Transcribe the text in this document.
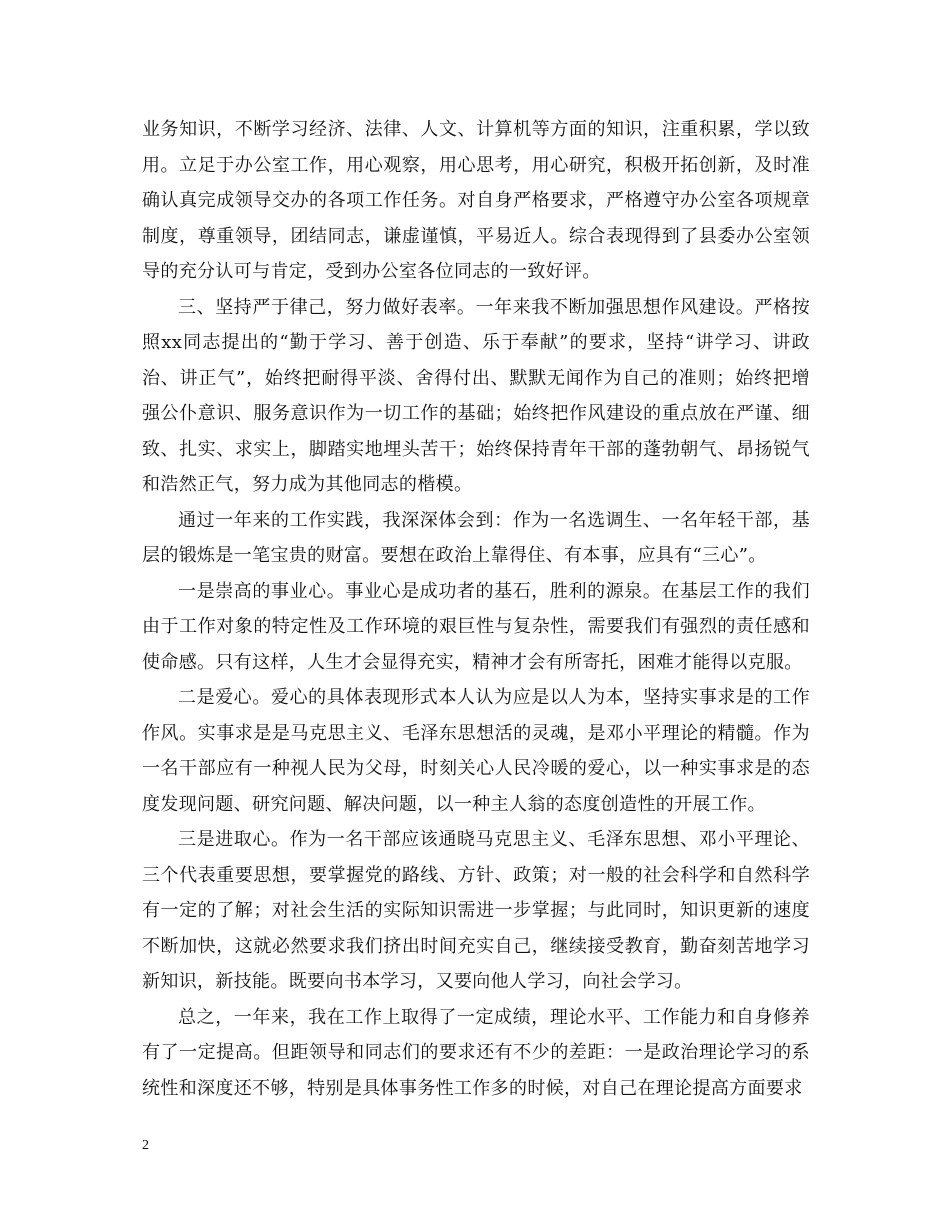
业务知识，不断学习经济、法律、人文、计算机等方面的知识，注重积累，学以致用。立足于办公室工作，用心观察，用心思考，用心研究，积极开拓创新，及时准确认真完成领导交办的各项工作任务。对自身严格要求，严格遵守办公室各项规章制度，尊重领导，团结同志，谦虚谨慎，平易近人。综合表现得到了县委办公室领导的充分认可与肯定，受到办公室各位同志的一致好评。

三、坚持严于律己，努力做好表率。一年来我不断加强思想作风建设。严格按照xx同志提出的“勤于学习、善于创造、乐于奉献”的要求，坚持“讲学习、讲政治、讲正气”，始终把耐得平淡、舍得付出、默默无闻作为自己的准则；始终把增强公仆意识、服务意识作为一切工作的基础；始终把作风建设的重点放在严谨、细致、扎实、求实上，脚踏实地埋头苦干；始终保持青年干部的蓬勃朝气、昂扬锐气和浩然正气，努力成为其他同志的楷模。

通过一年来的工作实践，我深深体会到：作为一名选调生、一名年轻干部，基层的锻炼是一笔宝贵的财富。要想在政治上靠得住、有本事，应具有“三心”。

一是崇高的事业心。事业心是成功者的基石，胜利的源泉。在基层工作的我们由于工作对象的特定性及工作环境的艰巨性与复杂性，需要我们有强烈的责任感和使命感。只有这样，人生才会显得充实，精神才会有所寄托，困难才能得以克服。

二是爱心。爱心的具体表现形式本人认为应是以人为本，坚持实事求是的工作作风。实事求是是马克思主义、毛泽东思想活的灵魂，是邓小平理论的精髓。作为一名干部应有一种视人民为父母，时刻关心人民冷暖的爱心，以一种实事求是的态度发现问题、研究问题、解决问题，以一种主人翁的态度创造性的开展工作。

三是进取心。作为一名干部应该通晓马克思主义、毛泽东思想、邓小平理论、三个代表重要思想，要掌握党的路线、方针、政策；对一般的社会科学和自然科学有一定的了解；对社会生活的实际知识需进一步掌握；与此同时，知识更新的速度不断加快，这就必然要求我们挤出时间充实自己，继续接受教育，勤奋刻苦地学习新知识，新技能。既要向书本学习，又要向他人学习，向社会学习。

总之，一年来，我在工作上取得了一定成绩，理论水平、工作能力和自身修养有了一定提高。但距领导和同志们的要求还有不少的差距：一是政治理论学习的系统性和深度还不够，特别是具体事务性工作多的时候，对自己在理论提高方面要求

2
